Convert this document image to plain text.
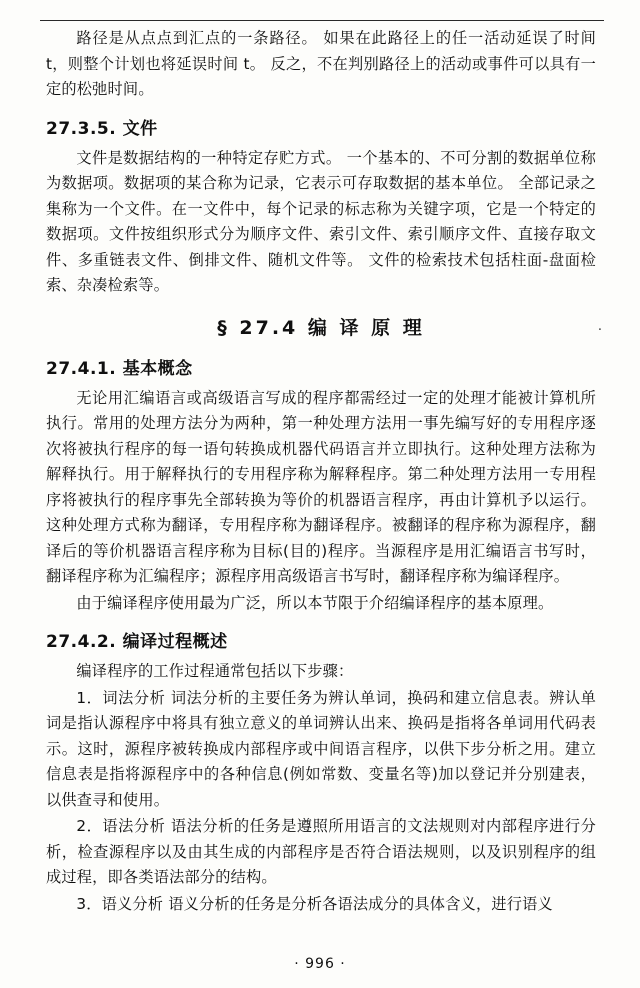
路径是从点点到汇点的一条路径。 如果在此路径上的任一活动延误了时间 t，则整个计划也将延误时间 t。 反之，不在判别路径上的活动或事件可以具有一定的松弛时间。

27.3.5. 文件

文件是数据结构的一种特定存贮方式。 一个基本的、不可分割的数据单位称为数据项。数据项的某合称为记录，它表示可存取数据的基本单位。 全部记录之集称为一个文件。在一文件中，每个记录的标志称为关键字项，它是一个特定的数据项。文件按组织形式分为顺序文件、索引文件、索引顺序文件、直接存取文件、多重链表文件、倒排文件、随机文件等。 文件的检索技术包括柱面-盘面检索、杂凑检索等。

§ 27.4 编 译 原 理	·
27.4.1. 基本概念

无论用汇编语言或高级语言写成的程序都需经过一定的处理才能被计算机所执行。常用的处理方法分为两种，第一种处理方法用一事先编写好的专用程序逐次将被执行程序的每一语句转换成机器代码语言并立即执行。这种处理方法称为解释执行。用于解释执行的专用程序称为解释程序。第二种处理方法用一专用程序将被执行的程序事先全部转换为等价的机器语言程序，再由计算机予以运行。这种处理方式称为翻译，专用程序称为翻译程序。被翻译的程序称为源程序，翻译后的等价机器语言程序称为目标(目的)程序。当源程序是用汇编语言书写时，翻译程序称为汇编程序；源程序用高级语言书写时，翻译程序称为编译程序。

由于编译程序使用最为广泛，所以本节限于介绍编译程序的基本原理。

27.4.2. 编译过程概述

编译程序的工作过程通常包括以下步骤：

1．词法分析 词法分析的主要任务为辨认单词，换码和建立信息表。辨认单词是指认源程序中将具有独立意义的单词辨认出来、换码是指将各单词用代码表示。这时，源程序被转换成内部程序或中间语言程序，以供下步分析之用。建立信息表是指将源程序中的各种信息(例如常数、变量名等)加以登记并分别建表，以供查寻和使用。

2．语法分析 语法分析的任务是遵照所用语言的文法规则对内部程序进行分析，检查源程序以及由其生成的内部程序是否符合语法规则，以及识别程序的组成过程，即各类语法部分的结构。

3．语义分析 语义分析的任务是分析各语法成分的具体含义，进行语义

· 996 ·
